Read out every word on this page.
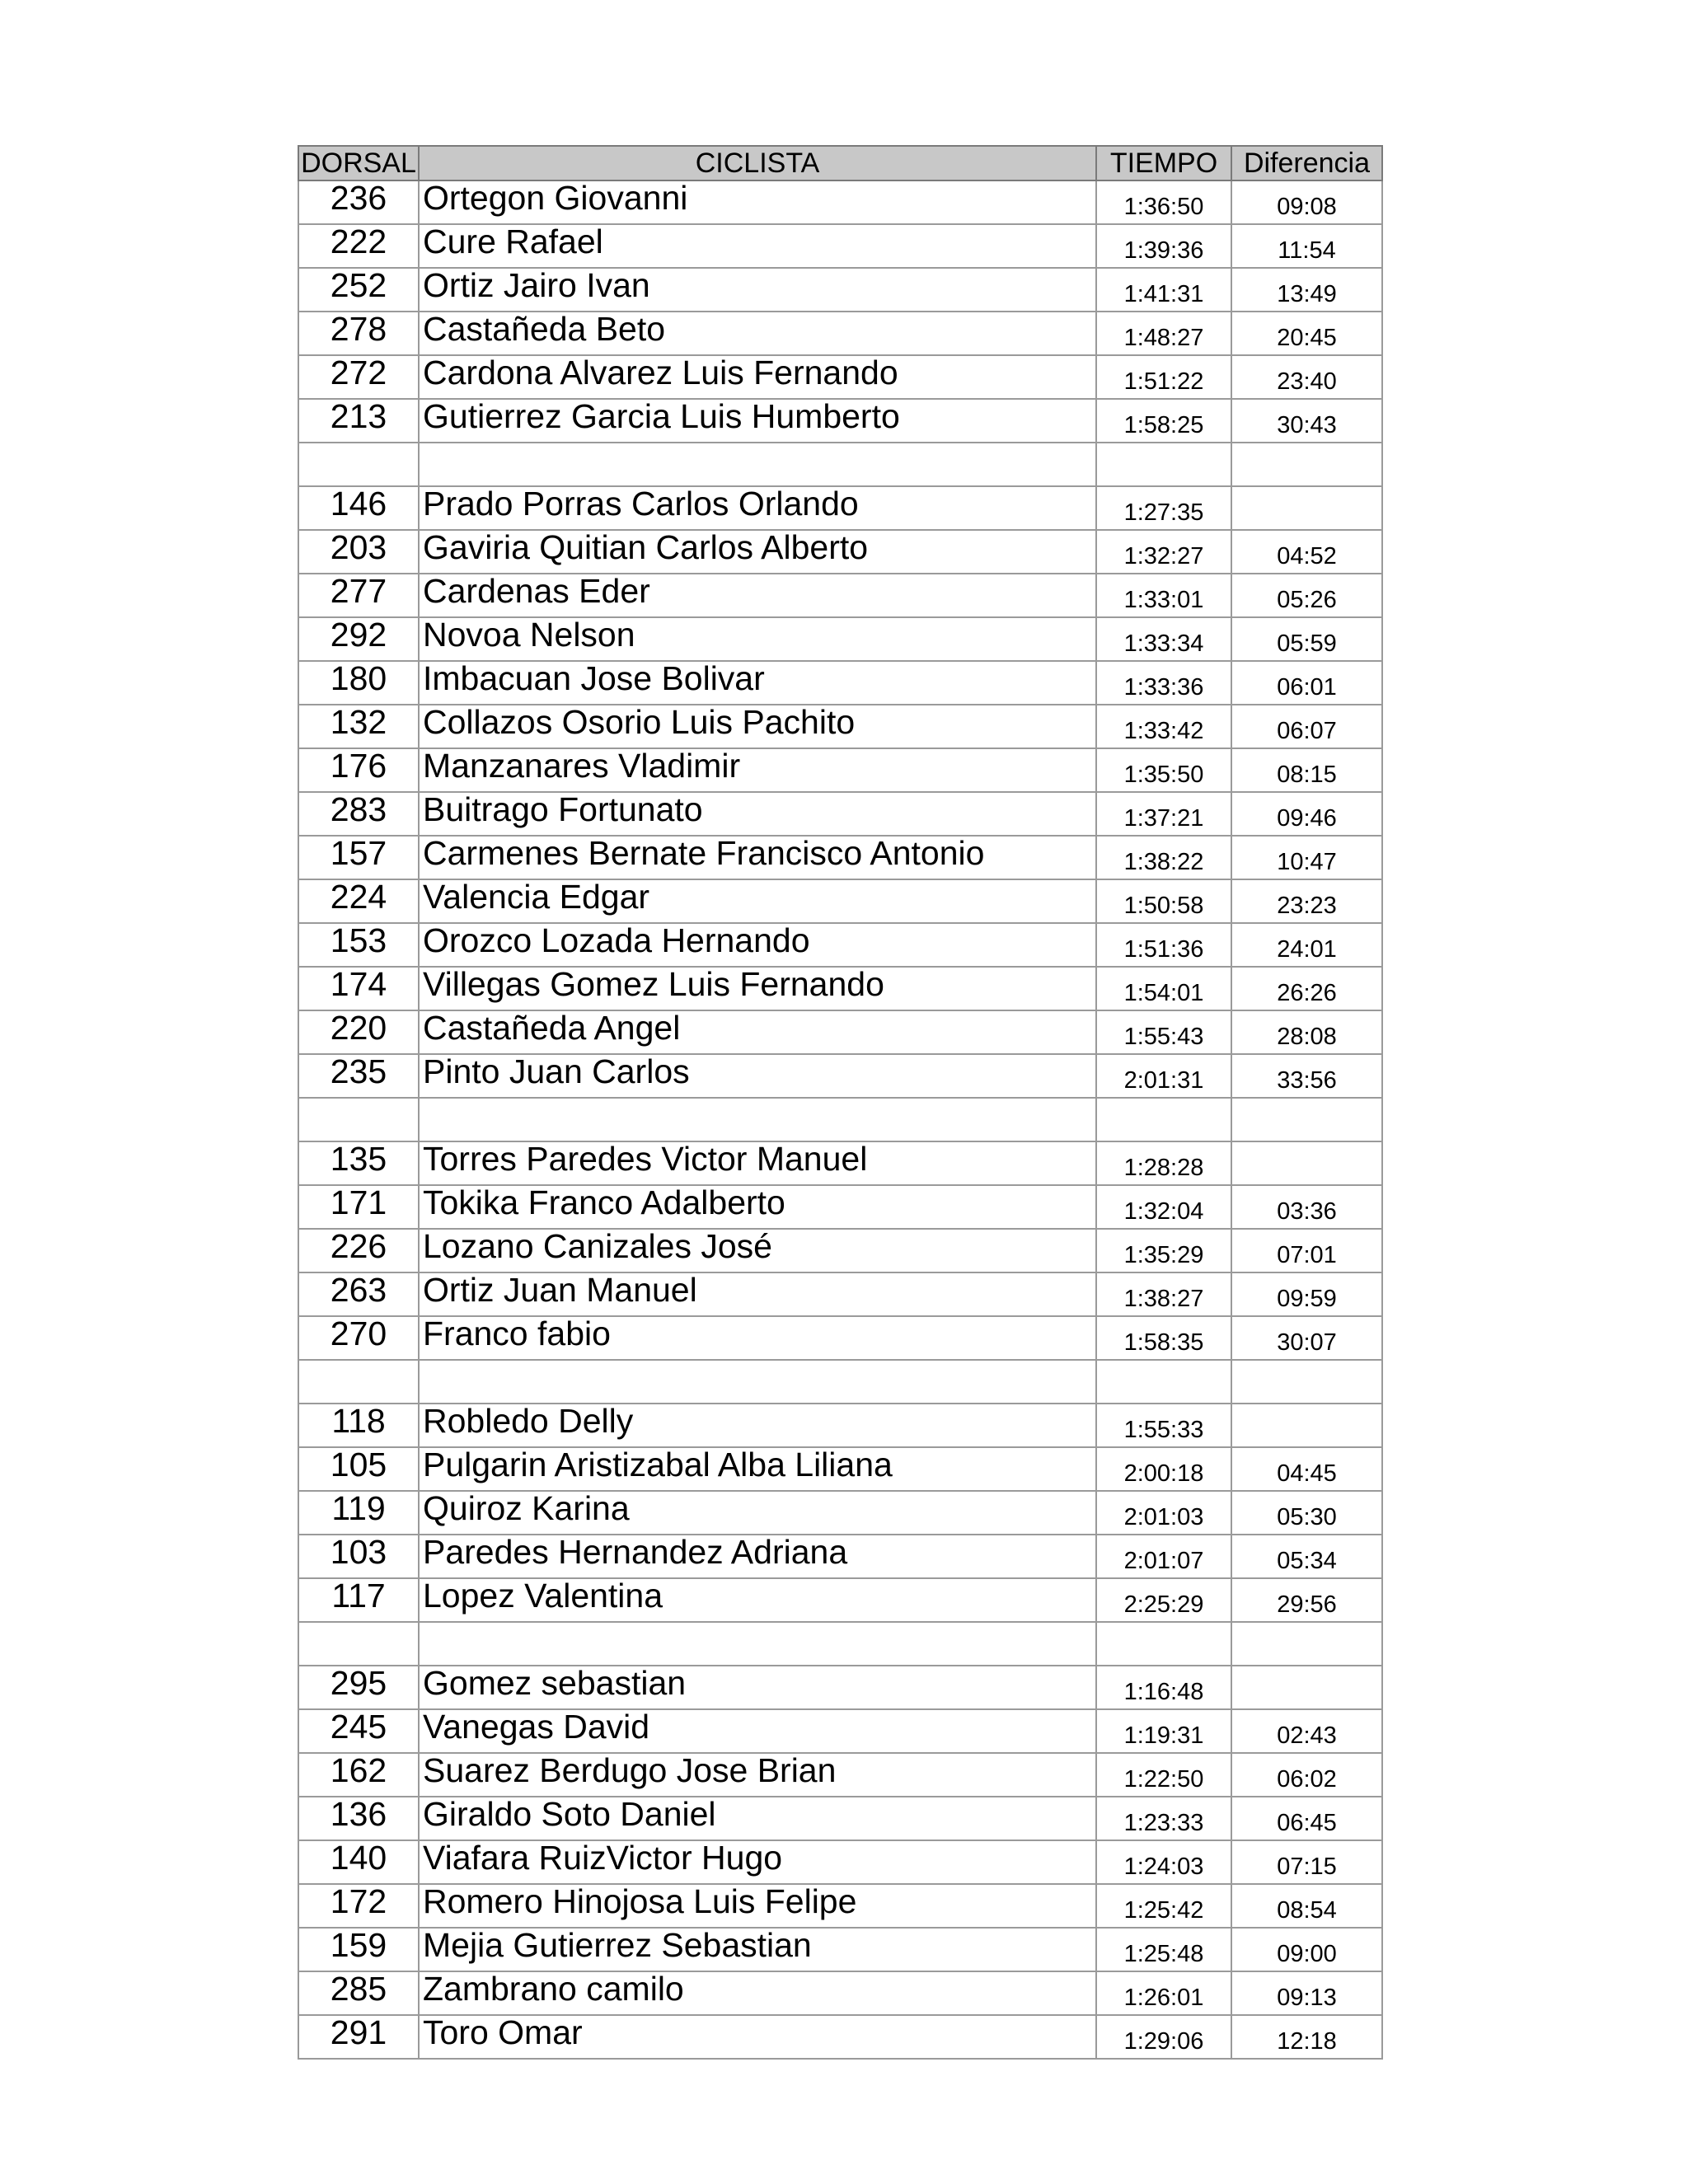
DORSAL	CICLISTA	TIEMPO	Diferencia
236	Ortegon Giovanni	1:36:50	09:08
222	Cure Rafael	1:39:36	11:54
252	Ortiz Jairo Ivan	1:41:31	13:49
278	Castañeda Beto	1:48:27	20:45
272	Cardona Alvarez Luis Fernando	1:51:22	23:40
213	Gutierrez Garcia Luis Humberto	1:58:25	30:43

146	Prado Porras Carlos Orlando	1:27:35	
203	Gaviria Quitian Carlos Alberto	1:32:27	04:52
277	Cardenas Eder	1:33:01	05:26
292	Novoa Nelson	1:33:34	05:59
180	Imbacuan Jose Bolivar	1:33:36	06:01
132	Collazos Osorio Luis Pachito	1:33:42	06:07
176	Manzanares Vladimir	1:35:50	08:15
283	Buitrago Fortunato	1:37:21	09:46
157	Carmenes Bernate Francisco Antonio	1:38:22	10:47
224	Valencia Edgar	1:50:58	23:23
153	Orozco Lozada Hernando	1:51:36	24:01
174	Villegas Gomez Luis Fernando	1:54:01	26:26
220	Castañeda Angel	1:55:43	28:08
235	Pinto Juan Carlos	2:01:31	33:56

135	Torres Paredes Victor Manuel	1:28:28	
171	Tokika Franco Adalberto	1:32:04	03:36
226	Lozano Canizales José	1:35:29	07:01
263	Ortiz Juan Manuel	1:38:27	09:59
270	Franco fabio	1:58:35	30:07

118	Robledo Delly	1:55:33	
105	Pulgarin Aristizabal Alba Liliana	2:00:18	04:45
119	Quiroz Karina	2:01:03	05:30
103	Paredes Hernandez Adriana	2:01:07	05:34
117	Lopez Valentina	2:25:29	29:56

295	Gomez sebastian	1:16:48	
245	Vanegas David	1:19:31	02:43
162	Suarez Berdugo Jose Brian	1:22:50	06:02
136	Giraldo Soto Daniel	1:23:33	06:45
140	Viafara RuizVictor Hugo	1:24:03	07:15
172	Romero Hinojosa Luis Felipe	1:25:42	08:54
159	Mejia Gutierrez Sebastian	1:25:48	09:00
285	Zambrano camilo	1:26:01	09:13
291	Toro Omar	1:29:06	12:18
